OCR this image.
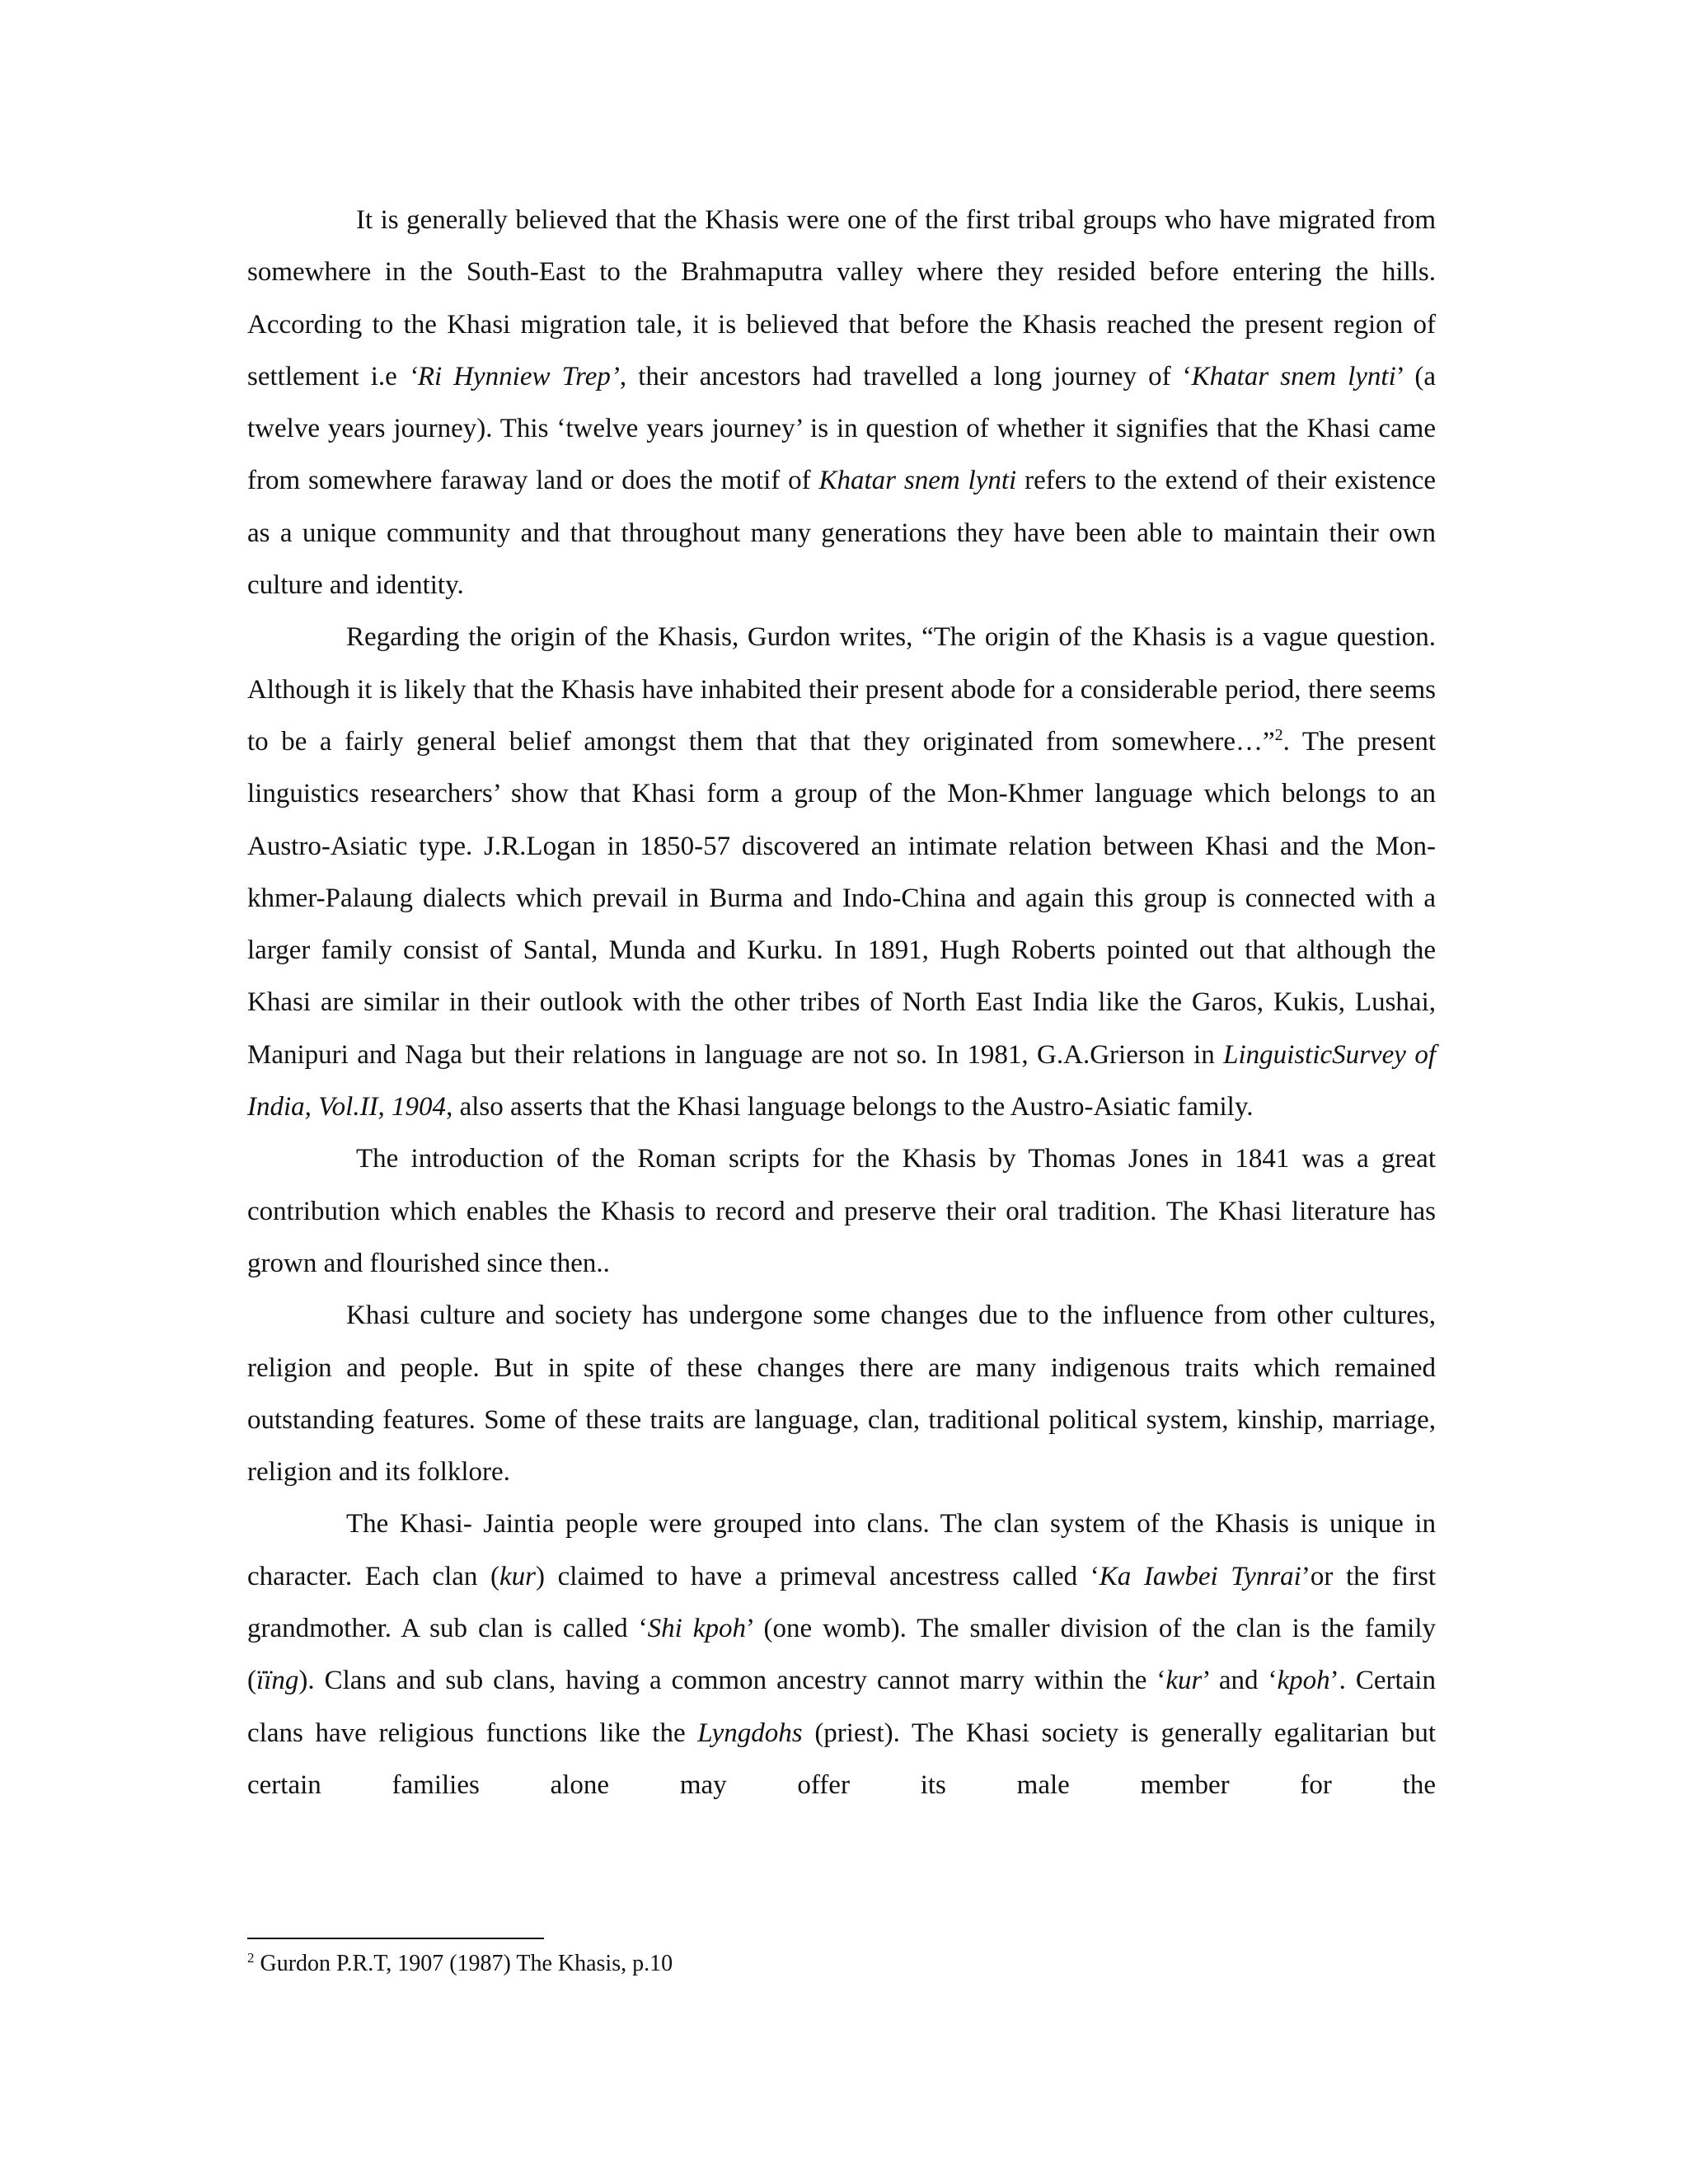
It is generally believed that the Khasis were one of the first tribal groups who have migrated from somewhere in the South-East to the Brahmaputra valley where they resided before entering the hills. According to the Khasi migration tale, it is believed that before the Khasis reached the present region of settlement i.e ‘Ri Hynniew Trep’, their ancestors had travelled a long journey of ‘Khatar snem lynti’ (a twelve years journey). This ‘twelve years journey’ is in question of whether it signifies that the Khasi came from somewhere faraway land or does the motif of Khatar snem lynti refers to the extend of their existence as a unique community and that throughout many generations they have been able to maintain their own culture and identity.

Regarding the origin of the Khasis, Gurdon writes, “The origin of the Khasis is a vague question. Although it is likely that the Khasis have inhabited their present abode for a considerable period, there seems to be a fairly general belief amongst them that that they originated from somewhere…”$^2$. The present linguistics researchers’ show that Khasi form a group of the Mon-Khmer language which belongs to an Austro-Asiatic type. J.R.Logan in 1850-57 discovered an intimate relation between Khasi and the Mon-khmer-Palaung dialects which prevail in Burma and Indo-China and again this group is connected with a larger family consist of Santal, Munda and Kurku. In 1891, Hugh Roberts pointed out that although the Khasi are similar in their outlook with the other tribes of North East India like the Garos, Kukis, Lushai, Manipuri and Naga but their relations in language are not so. In 1981, G.A.Grierson in LinguisticSurvey of India, Vol.II, 1904, also asserts that the Khasi language belongs to the Austro-Asiatic family.

The introduction of the Roman scripts for the Khasis by Thomas Jones in 1841 was a great contribution which enables the Khasis to record and preserve their oral tradition. The Khasi literature has grown and flourished since then..

Khasi culture and society has undergone some changes due to the influence from other cultures, religion and people. But in spite of these changes there are many indigenous traits which remained outstanding features. Some of these traits are language, clan, traditional political system, kinship, marriage, religion and its folklore.

The Khasi- Jaintia people were grouped into clans. The clan system of the Khasis is unique in character. Each clan (kur) claimed to have a primeval ancestress called ‘Ka Iawbei Tynrai’or the first grandmother. A sub clan is called ‘Shi kpoh’ (one womb). The smaller division of the clan is the family (ïïng). Clans and sub clans, having a common ancestry cannot marry within the ‘kur’ and ‘kpoh’. Certain clans have religious functions like the Lyngdohs (priest). The Khasi society is generally egalitarian but certain families alone may offer its male member for the

$^2$ Gurdon P.R.T, 1907 (1987) The Khasis, p.10
